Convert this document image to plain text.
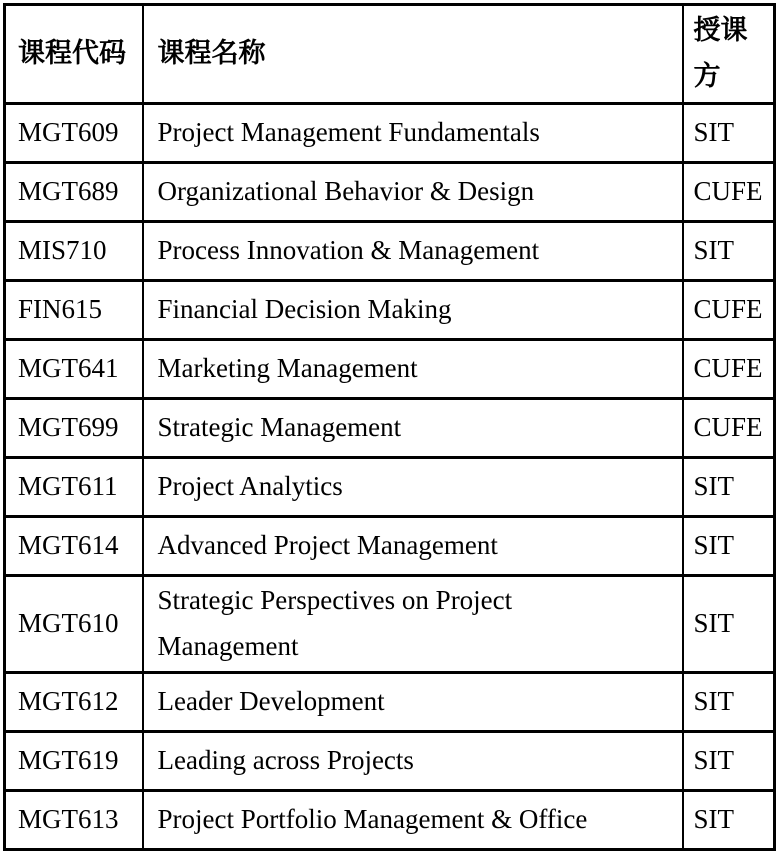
课程代码	课程名称	授课方
MGT609	Project Management Fundamentals	SIT
MGT689	Organizational Behavior & Design	CUFE
MIS710	Process Innovation & Management	SIT
FIN615	Financial Decision Making	CUFE
MGT641	Marketing Management	CUFE
MGT699	Strategic Management	CUFE
MGT611	Project Analytics	SIT
MGT614	Advanced Project Management	SIT
MGT610	Strategic Perspectives on Project Management	SIT
MGT612	Leader Development	SIT
MGT619	Leading across Projects	SIT
MGT613	Project Portfolio Management & Office	SIT
